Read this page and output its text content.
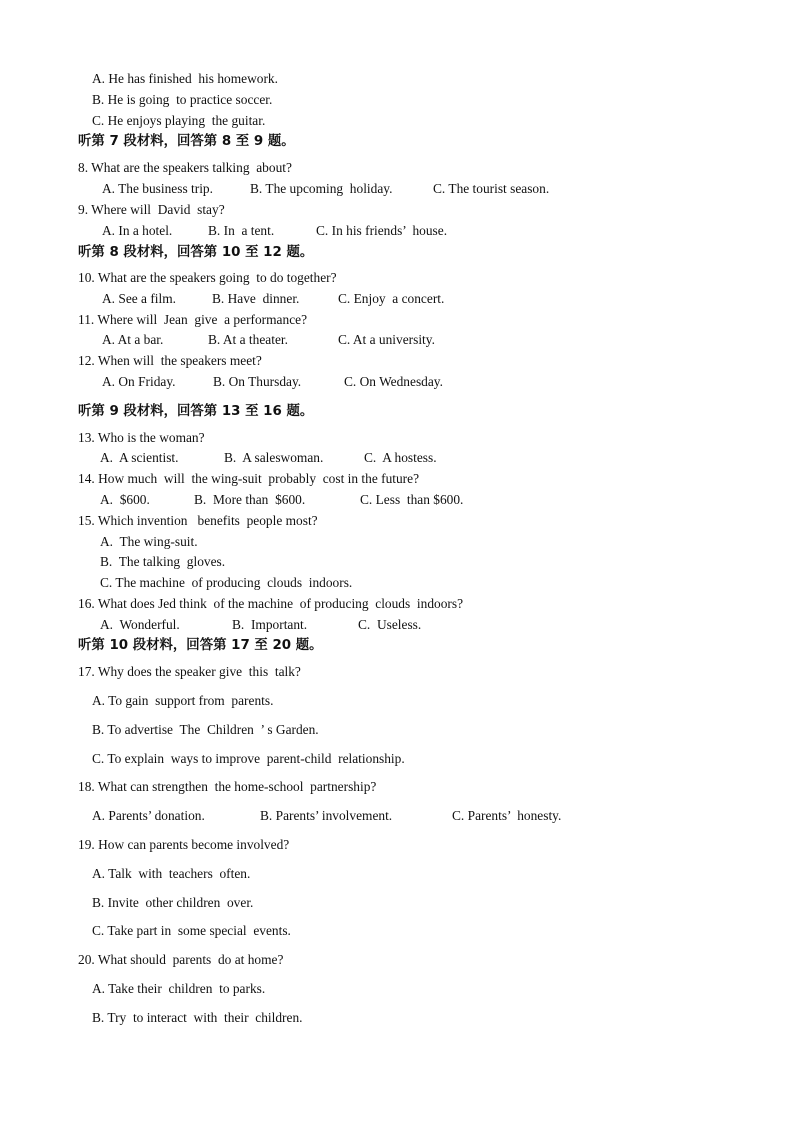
A. He has finished  his homework.
B. He is going  to practice soccer.
C. He enjoys playing  the guitar.
听第 7 段材料，回答第 8 至 9 题。
8. What are the speakers talking  about?
A. The business trip.	B. The upcoming  holiday.	C. The tourist season.
9. Where will  David  stay?
A. In a hotel.	B. In  a tent.	C. In his friends’  house.
听第 8 段材料，回答第 10 至 12 题。
10. What are the speakers going  to do together?
A. See a film.	B. Have  dinner.	C. Enjoy  a concert.
11. Where will  Jean  give  a performance?
A. At a bar.	B. At a theater.	C. At a university.
12. When will  the speakers meet?
A. On Friday.	B. On Thursday.	C. On Wednesday.
听第 9 段材料，回答第 13 至 16 题。
13. Who is the woman?
A.  A scientist.	B.  A saleswoman.	C.  A hostess.
14. How much  will  the wing-suit  probably  cost in the future?
A.  $600.	B.  More than  $600.	C. Less  than $600.
15. Which invention   benefits  people most?
A.  The wing-suit.
B.  The talking  gloves.
C. The machine  of producing  clouds  indoors.
16. What does Jed think  of the machine  of producing  clouds  indoors?
A.  Wonderful.	B.  Important.	C.  Useless.
听第 10 段材料，回答第 17 至 20 题。
17. Why does the speaker give  this  talk?
A. To gain  support from  parents.
B. To advertise  The  Children  ’ s Garden.
C. To explain  ways to improve  parent-child  relationship.
18. What can strengthen  the home-school  partnership?
A. Parents’ donation.	B. Parents’ involvement.	C. Parents’  honesty.
19. How can parents become involved?
A. Talk  with  teachers  often.
B. Invite  other children  over.
C. Take part in  some special  events.
20. What should  parents  do at home?
A. Take their  children  to parks.
B. Try  to interact  with  their  children.
